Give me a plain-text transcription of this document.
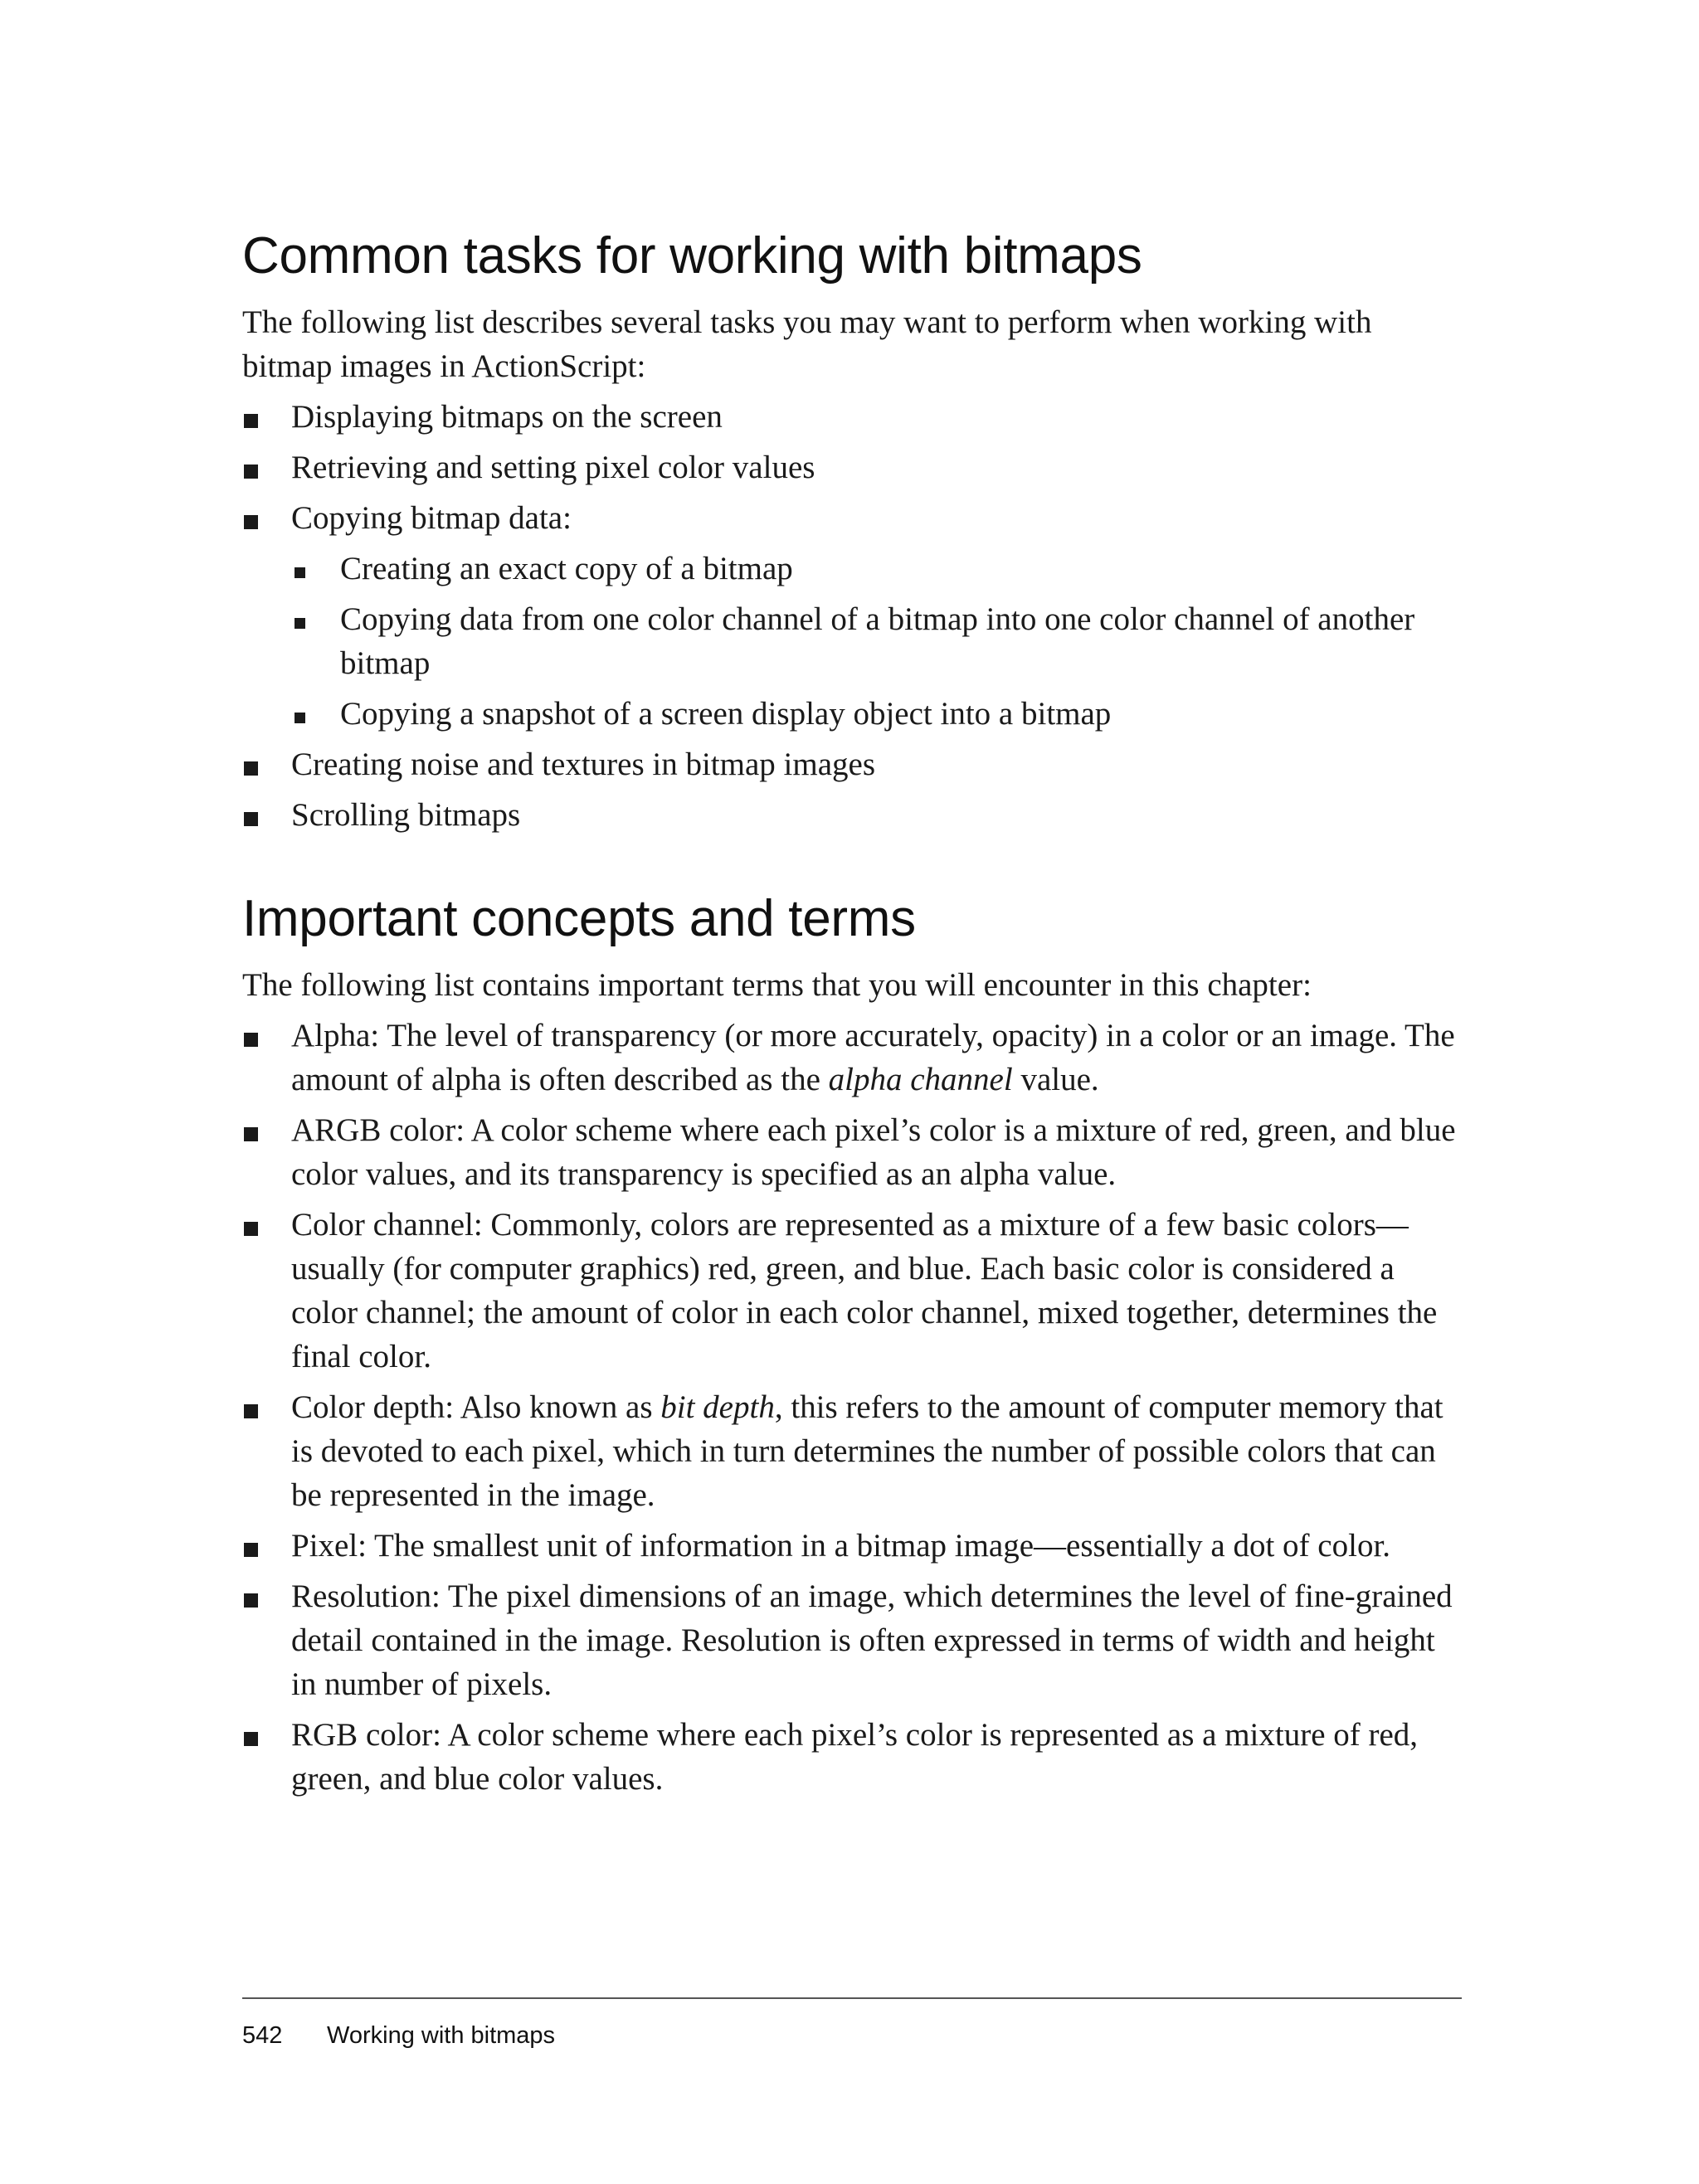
Common tasks for working with bitmaps

The following list describes several tasks you may want to perform when working with bitmap images in ActionScript:

Displaying bitmaps on the screen
Retrieving and setting pixel color values
Copying bitmap data:
Creating an exact copy of a bitmap
Copying data from one color channel of a bitmap into one color channel of another bitmap
Copying a snapshot of a screen display object into a bitmap
Creating noise and textures in bitmap images
Scrolling bitmaps
Important concepts and terms

The following list contains important terms that you will encounter in this chapter:

Alpha: The level of transparency (or more accurately, opacity) in a color or an image. The amount of alpha is often described as the alpha channel value.
ARGB color: A color scheme where each pixel’s color is a mixture of red, green, and blue color values, and its transparency is specified as an alpha value.
Color channel: Commonly, colors are represented as a mixture of a few basic colors—usually (for computer graphics) red, green, and blue. Each basic color is considered a color channel; the amount of color in each color channel, mixed together, determines the final color.
Color depth: Also known as bit depth, this refers to the amount of computer memory that is devoted to each pixel, which in turn determines the number of possible colors that can be represented in the image.
Pixel: The smallest unit of information in a bitmap image—essentially a dot of color.
Resolution: The pixel dimensions of an image, which determines the level of fine-grained detail contained in the image. Resolution is often expressed in terms of width and height in number of pixels.
RGB color: A color scheme where each pixel’s color is represented as a mixture of red, green, and blue color values.
542 Working with bitmaps
